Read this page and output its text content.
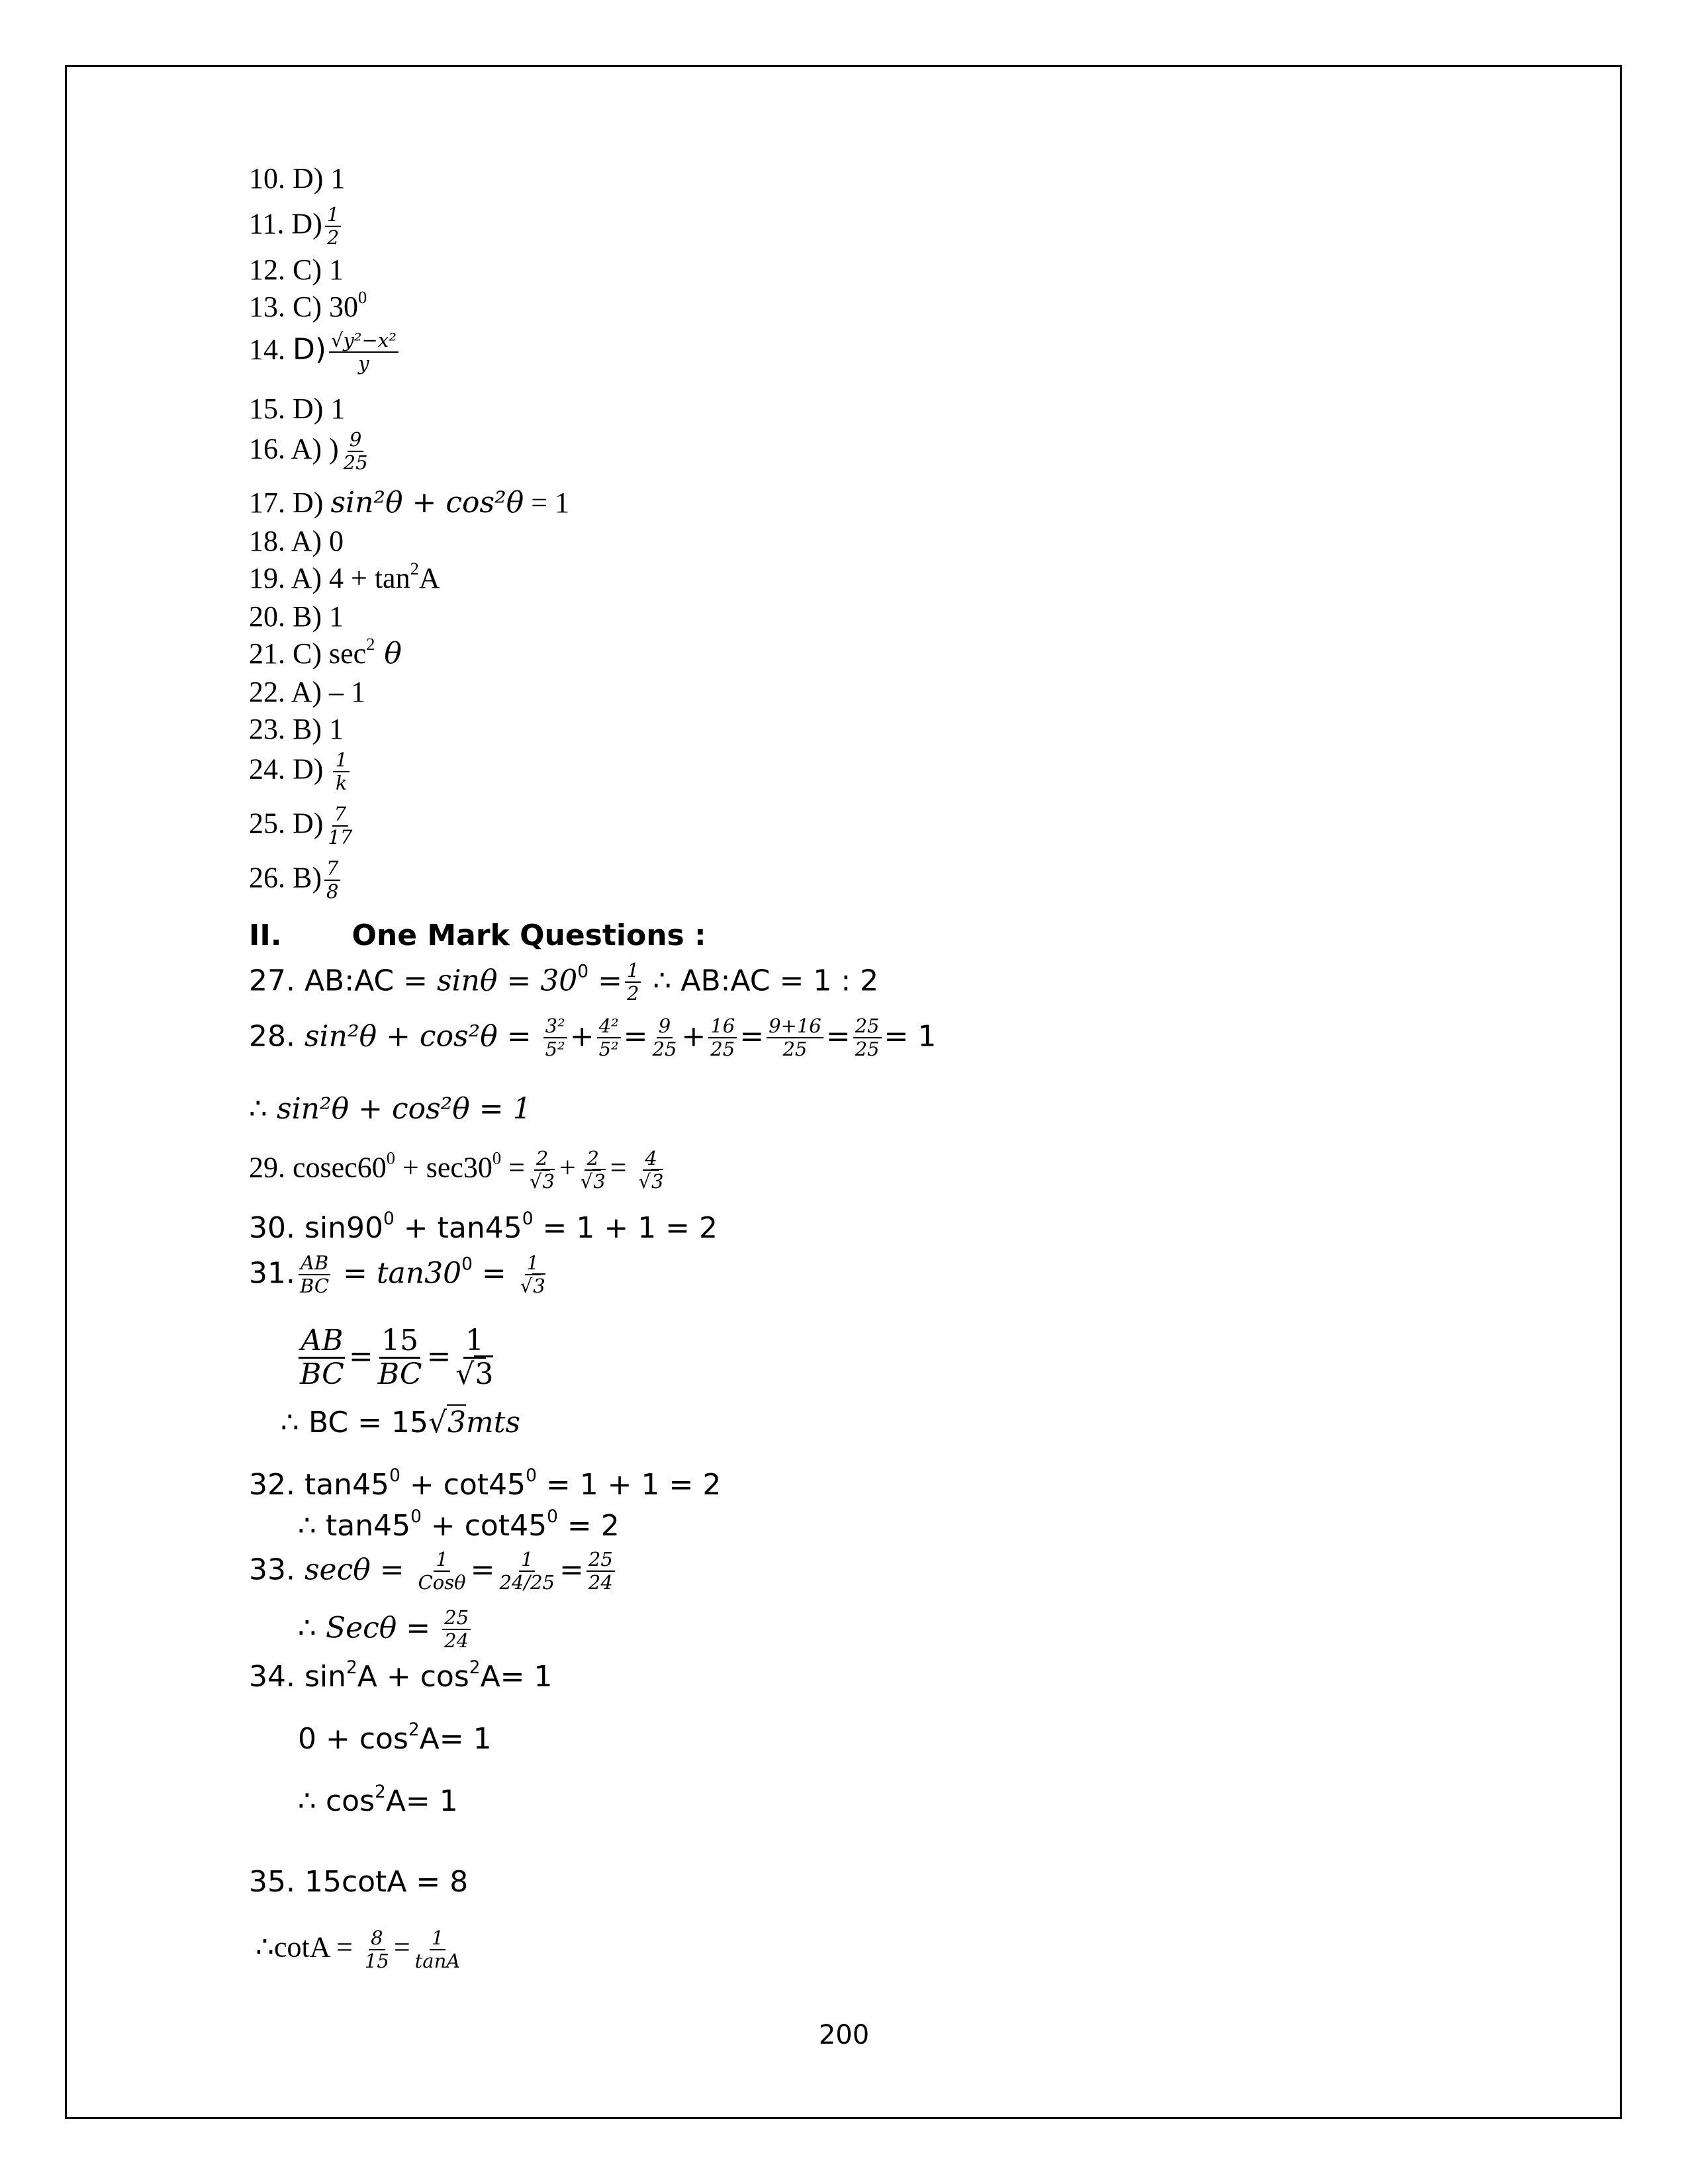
10. D) 1
11. $D) \frac{1}{2}$
12. C) 1
13. C) $30^0$
14. $D) \frac{\text{√y²−x²}}{y}$
15. D) 1
16. A) ) $\frac{9}{25}$
17. D) sin²θ + cos²θ = 1
18. A) 0
19. A) $4 + \tan^2A$
20. B) 1
21. C) $\sec^2 \theta$
22. A) – 1
23. B) 1
24. $D) \frac{1}{k}$
25. $D) \frac{7}{17}$
26. $B) \frac{7}{8}$
II. One Mark Questions :
27. AB:AC = $\sin\theta = 30^0 = \frac{1}{2}$ ∴ AB:AC = 1 : 2
28. $\sin^2\theta + \cos^2\theta = \frac{\text{3²}}{\text{5²}} + \frac{\text{4²}}{\text{5²}} = \frac{9}{25} + \frac{16}{25} = \frac{9+16}{25} = \frac{25}{25} = 1$
∴ sin²θ + cos²θ = 1
29. $cosec60^0 + \sec 30^0 = \frac{2}{√3} + \frac{2}{√3} = \frac{4}{√3}$
30. $\sin 90^0 + \tan 45^0 = 1 + 1 = 2$
31. $\frac{AB}{BC} = \tan 30^0 = \frac{1}{√3}$
$\frac{AB}{BC} = \frac{15}{BC} = \frac{1}{√3}$
∴ BC = 15√3mts
32. $\tan 45^0 + \cot 45^0 = 1 + 1 = 2$
∴ $\tan 45^0 + \cot 45^0 = 2$
33. $\sec\theta = \frac{1}{\text{Cosθ}} = \frac{1}{24/25} = \frac{25}{24}$
∴ $Sec\theta = \frac{25}{24}$
34. $\sin^2A + \cos^2A= 1$
$0 + \cos^2A= 1$
∴ $\cos^2A= 1$
35. 15cotA = 8
∴cotA = $\frac{8}{15} = \frac{1}{\tan A}$
200
